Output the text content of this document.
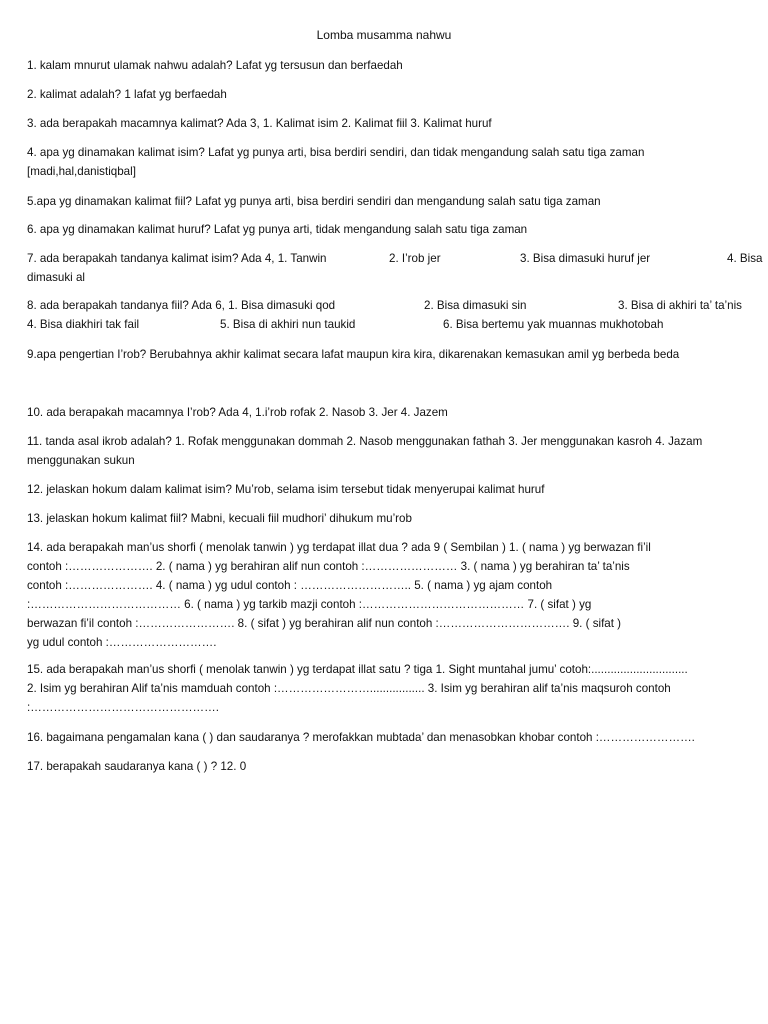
Lomba musamma nahwu
1. kalam mnurut ulamak nahwu adalah? Lafat yg tersusun dan berfaedah
2. kalimat adalah? 1 lafat yg berfaedah
3. ada berapakah macamnya kalimat? Ada 3, 1. Kalimat isim 2. Kalimat fiil 3. Kalimat huruf
4. apa yg dinamakan kalimat isim? Lafat yg punya arti, bisa berdiri sendiri, dan tidak mengandung salah satu tiga zaman
[madi,hal,danistiqbal]
5.apa yg dinamakan kalimat fiil? Lafat yg punya arti, bisa berdiri sendiri dan mengandung salah satu tiga zaman
6. apa yg dinamakan kalimat huruf? Lafat yg punya arti, tidak mengandung salah satu tiga zaman
7. ada berapakah tandanya kalimat isim? Ada 4, 1. Tanwin	2. I’rob jer	3. Bisa dimasuki huruf jer	4. Bisa
dimasuki al
8. ada berapakah tandanya fiil? Ada 6, 1. Bisa dimasuki qod	2. Bisa dimasuki sin	3. Bisa di akhiri ta’ ta’nis
4. Bisa diakhiri tak fail	5. Bisa di akhiri nun taukid	6. Bisa bertemu yak muannas mukhotobah
9.apa pengertian I’rob? Berubahnya akhir kalimat secara lafat maupun kira kira, dikarenakan kemasukan amil yg berbeda beda
10. ada berapakah macamnya I’rob? Ada 4, 1.i’rob rofak 2. Nasob 3. Jer 4. Jazem
11. tanda asal ikrob adalah? 1. Rofak menggunakan dommah 2. Nasob menggunakan fathah 3. Jer menggunakan kasroh 4. Jazam
menggunakan sukun
12. jelaskan hokum dalam kalimat isim? Mu’rob, selama isim tersebut tidak menyerupai kalimat huruf
13. jelaskan hokum kalimat fiil? Mabni, kecuali fiil mudhori’ dihukum mu’rob
14. ada berapakah man’us shorfi ( menolak tanwin ) yg terdapat illat dua ? ada 9 ( Sembilan ) 1. ( nama ) yg berwazan fi’il
contoh :…………………. 2. ( nama ) yg berahiran alif nun contoh :…………………… 3. ( nama ) yg berahiran ta’ ta’nis
contoh :…………………. 4. ( nama ) yg udul contoh : ……………………….. 5. ( nama ) yg ajam contoh
:………………………………… 6. ( nama ) yg tarkib mazji contoh :…………………………………… 7. ( sifat ) yg
berwazan fi’il contoh :……………………. 8. ( sifat ) yg berahiran alif nun contoh :……………………………. 9. ( sifat )
yg udul contoh :……………………….
15. ada berapakah man’us shorfi ( menolak tanwin ) yg terdapat illat satu ? tiga 1. Sight muntahal jumu’ cotoh:..............................
2. Isim yg berahiran Alif ta’nis mamduah contoh :……………………................. 3. Isim yg berahiran alif ta’nis maqsuroh contoh
:………………………………………….
16. bagaimana pengamalan kana ( ) dan saudaranya ? merofakkan mubtada’ dan menasobkan khobar contoh :…………………….
17. berapakah saudaranya kana ( ) ? 12. 0
